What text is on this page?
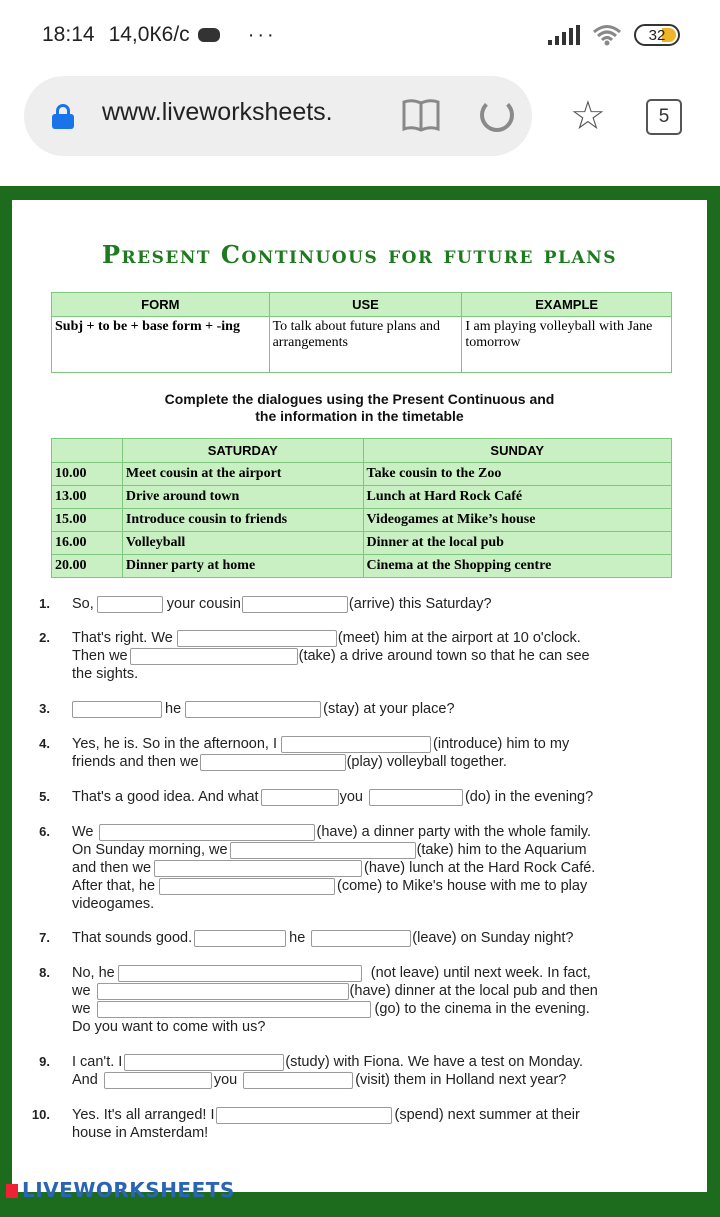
18:14 14,0К6/с	···	32
www.liveworksheets.	☆	5
Present Continuous for future plans
FORM	USE	EXAMPLE
Subj + to be + base form + -ing	To talk about future plans and arrangements	I am playing volleyball with Jane tomorrow
Complete the dialogues using the Present Continuous and
the information in the timetable
	SATURDAY	SUNDAY
10.00	Meet cousin at the airport	Take cousin to the Zoo
13.00	Drive around town	Lunch at Hard Rock Café
15.00	Introduce cousin to friends	Videogames at Mike’s house
16.00	Volleyball	Dinner at the local pub
20.00	Dinner party at home	Cinema at the Shopping centre
1. So,	your cousin	(arrive) this Saturday?
2. That's right. We	(meet) him at the airport at 10 o'clock.
Then we	(take) a drive around town so that he can see
the sights.
3.	he	(stay) at your place?
4. Yes, he is. So in the afternoon, I	(introduce) him to my
friends and then we	(play) volleyball together.
5. That's a good idea. And what	you	(do) in the evening?
6. We	(have) a dinner party with the whole family.
On Sunday morning, we	(take) him to the Aquarium
and then we	(have) lunch at the Hard Rock Café.
After that, he	(come) to Mike's house with me to play
videogames.
7. That sounds good.	he	(leave) on Sunday night?
8. No, he	(not leave) until next week. In fact,
we	(have) dinner at the local pub and then
we	(go) to the cinema in the evening.
Do you want to come with us?
9. I can't. I	(study) with Fiona. We have a test on Monday.
And	you	(visit) them in Holland next year?
10. Yes. It's all arranged! I	(spend) next summer at their
house in Amsterdam!
LIVEWORKSHEETS
